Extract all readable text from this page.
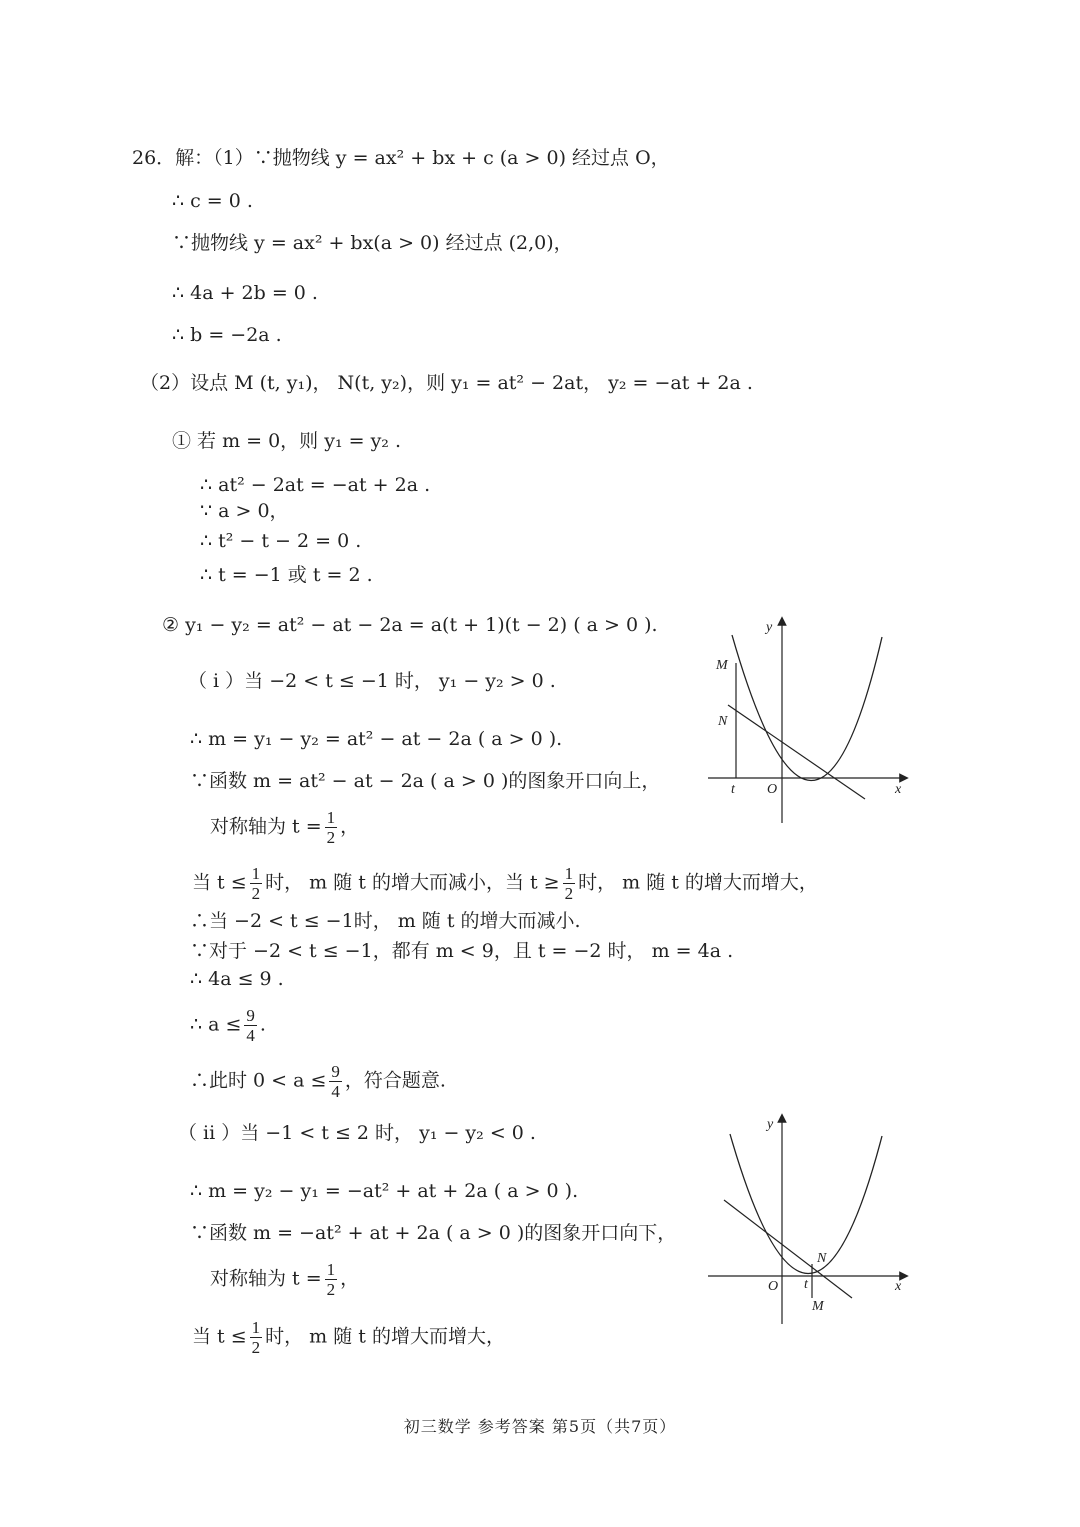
26．解：（1）∵抛物线 y = ax² + bx + c (a > 0) 经过点 O，
∴ c = 0 .
∵抛物线 y = ax² + bx(a > 0) 经过点 (2,0)，
∴ 4a + 2b = 0 .
∴ b = −2a .
（2）设点 M (t, y₁)， N(t, y₂)，则 y₁ = at² − 2at， y₂ = −at + 2a .
① 若 m = 0，则 y₁ = y₂ .
∴ at² − 2at = −at + 2a .
∵ a > 0，
∴ t² − t − 2 = 0 .
∴ t = −1 或 t = 2 .
② y₁ − y₂ = at² − at − 2a = a(t + 1)(t − 2) ( a > 0 ).
（ i ）当 −2 < t ≤ −1 时， y₁ − y₂ > 0 .
∴ m = y₁ − y₂ = at² − at − 2a ( a > 0 ).
∵函数 m = at² − at − 2a ( a > 0 )的图象开口向上，
对称轴为 $t = \frac{1}{2}$ ，
当 $t \le \frac{1}{2}$ 时， m 随 t 的增大而减小，当 $t \ge \frac{1}{2}$ 时， m 随 t 的增大而增大，
∴当 −2 < t ≤ −1时， m 随 t 的增大而减小.
∵对于 −2 < t ≤ −1，都有 m < 9，且 t = −2 时， m = 4a .
∴ 4a ≤ 9 .
∴ $a \le \frac{9}{4}$ .
∴此时 $0 < a \le \frac{9}{4}$ ，符合题意.
（ ii ）当 −1 < t ≤ 2 时， y₁ − y₂ < 0 .
∴ m = y₂ − y₁ = −at² + at + 2a ( a > 0 ).
∵函数 m = −at² + at + 2a ( a > 0 )的图象开口向下，
对称轴为 $t = \frac{1}{2}$ ，
当 $t \le \frac{1}{2}$ 时， m 随 t 的增大而增大，
y
x
O
M
N
t
y
x
O
M
N
t
初三数学 参考答案 第5页（共7页）
